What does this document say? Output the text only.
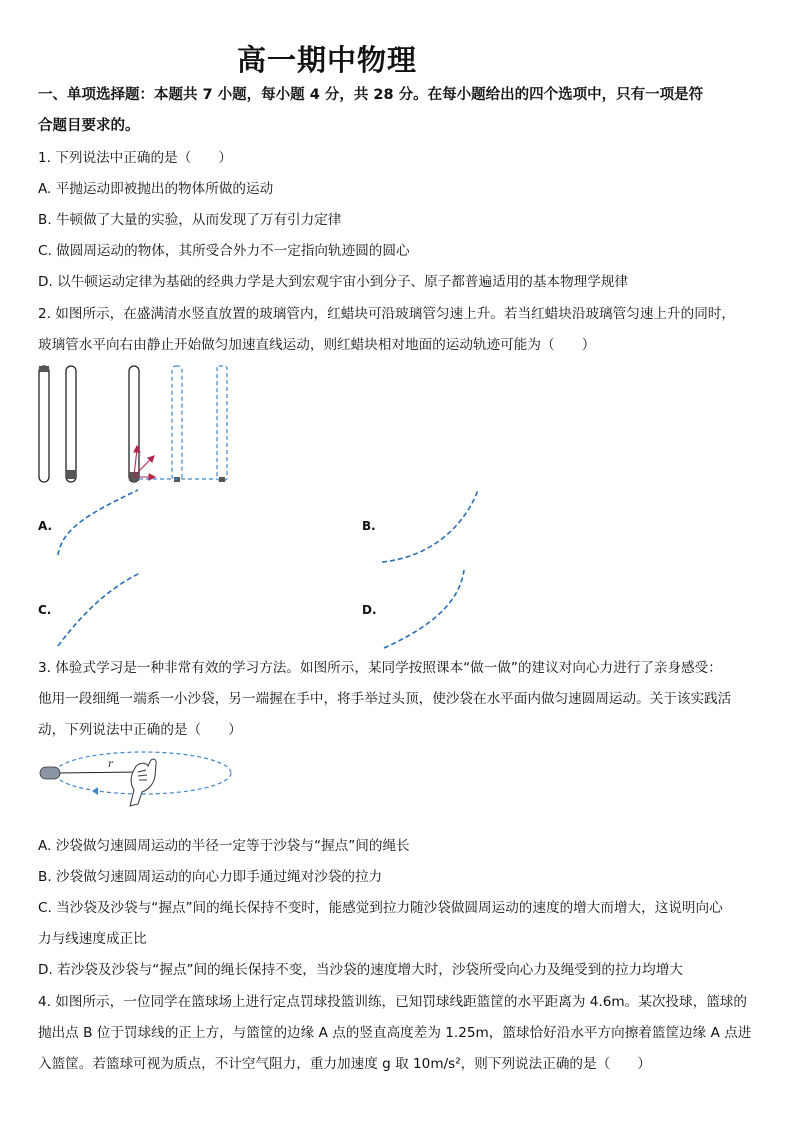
高一期中物理
一、单项选择题：本题共 7 小题，每小题 4 分，共 28 分。在每小题给出的四个选项中，只有一项是符
合题目要求的。
1. 下列说法中正确的是（　　）
A. 平抛运动即被抛出的物体所做的运动
B. 牛顿做了大量的实验，从而发现了万有引力定律
C. 做圆周运动的物体，其所受合外力不一定指向轨迹圆的圆心
D. 以牛顿运动定律为基础的经典力学是大到宏观宇宙小到分子、原子都普遍适用的基本物理学规律
2. 如图所示，在盛满清水竖直放置的玻璃管内，红蜡块可沿玻璃管匀速上升。若当红蜡块沿玻璃管匀速上升的同时，
玻璃管水平向右由静止开始做匀加速直线运动，则红蜡块相对地面的运动轨迹可能为（　　）
A.	B.
C.	D.
3. 体验式学习是一种非常有效的学习方法。如图所示，某同学按照课本“做一做”的建议对向心力进行了亲身感受：
他用一段细绳一端系一小沙袋，另一端握在手中，将手举过头顶，使沙袋在水平面内做匀速圆周运动。关于该实践活
动，下列说法中正确的是（　　）
r
A. 沙袋做匀速圆周运动的半径一定等于沙袋与“握点”间的绳长
B. 沙袋做匀速圆周运动的向心力即手通过绳对沙袋的拉力
C. 当沙袋及沙袋与“握点”间的绳长保持不变时，能感觉到拉力随沙袋做圆周运动的速度的增大而增大，这说明向心
力与线速度成正比
D. 若沙袋及沙袋与“握点”间的绳长保持不变，当沙袋的速度增大时，沙袋所受向心力及绳受到的拉力均增大
4. 如图所示，一位同学在篮球场上进行定点罚球投篮训练，已知罚球线距篮筐的水平距离为 4.6m。某次投球，篮球的
抛出点 B 位于罚球线的正上方，与篮筐的边缘 A 点的竖直高度差为 1.25m，篮球恰好沿水平方向擦着篮筐边缘 A 点进
入篮筐。若篮球可视为质点，不计空气阻力，重力加速度 g 取 10m/s²，则下列说法正确的是（　　）
